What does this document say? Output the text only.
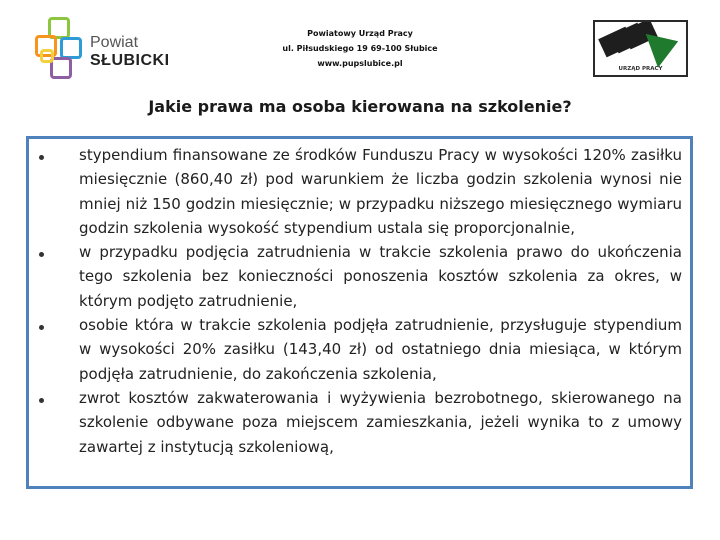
Powiat
SŁUBICKI
Powiatowy Urząd Pracy
ul. Piłsudskiego 19 69-100 Słubice
www.pupslubice.pl
URZĄD PRACY
Jakie prawa ma osoba kierowana na szkolenie?
stypendium finansowane ze środków Funduszu Pracy w wysokości 120% zasiłku miesięcznie (860,40 zł) pod warunkiem że liczba godzin szkolenia wynosi nie mniej niż 150 godzin miesięcznie; w przypadku niższego miesięcznego wymiaru godzin szkolenia wysokość stypendium ustala się proporcjonalnie,
w przypadku podjęcia zatrudnienia w trakcie szkolenia prawo do ukończenia tego szkolenia bez konieczności ponoszenia kosztów szkolenia za okres, w którym podjęto zatrudnienie,
osobie która w trakcie szkolenia podjęła zatrudnienie, przysługuje stypendium w wysokości 20% zasiłku (143,40 zł) od ostatniego dnia miesiąca, w którym podjęła zatrudnienie, do zakończenia szkolenia,
zwrot kosztów zakwaterowania i wyżywienia bezrobotnego, skierowanego na szkolenie odbywane poza miejscem zamieszkania, jeżeli wynika to z umowy zawartej z instytucją szkoleniową,
